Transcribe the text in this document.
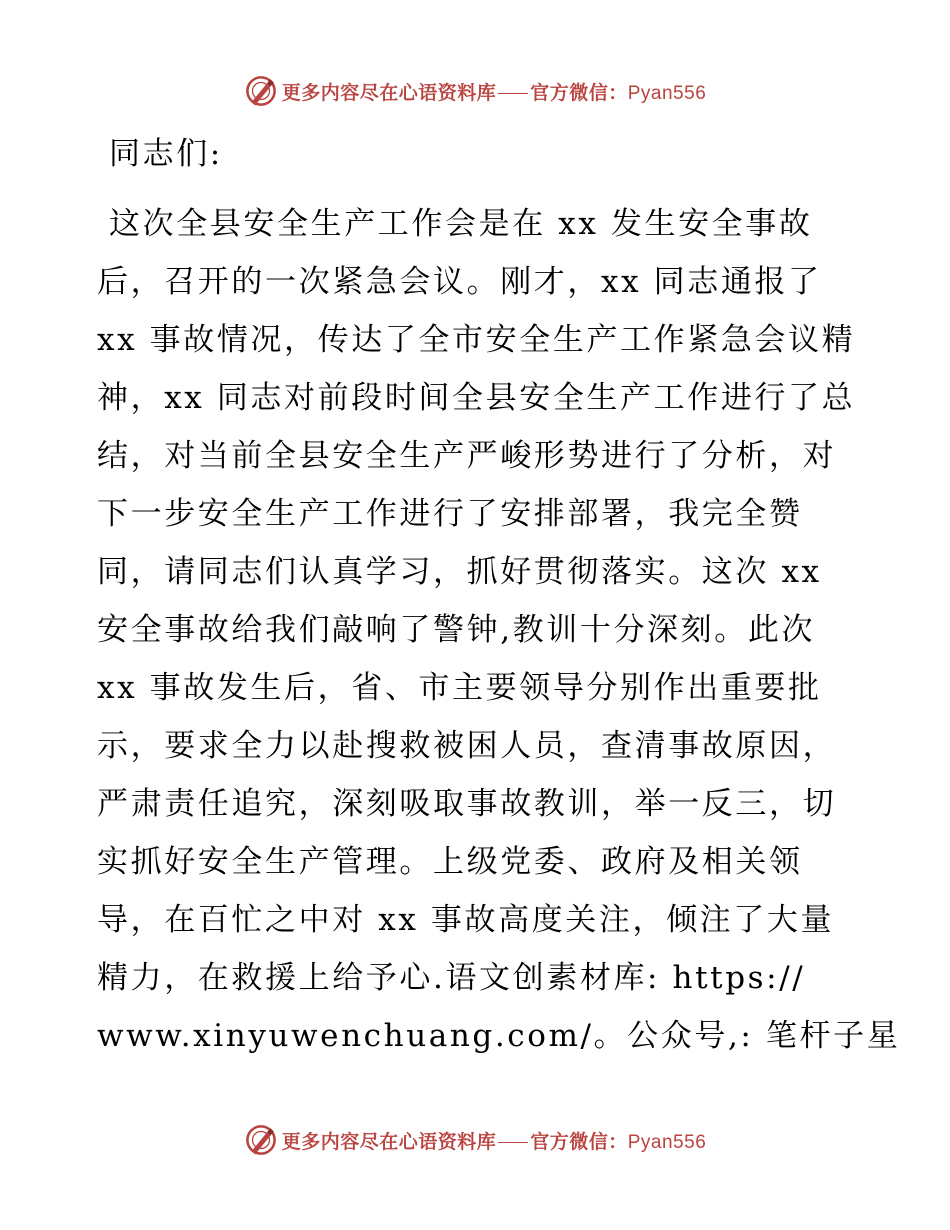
更多内容尽在心语资料库 官方微信：Pyan556
同志们:
这次全县安全生产工作会是在 xx 发生安全事故
后，召开的一次紧急会议。刚才，xx 同志通报了
xx 事故情况，传达了全市安全生产工作紧急会议精
神，xx 同志对前段时间全县安全生产工作进行了总
结，对当前全县安全生产严峻形势进行了分析，对
下一步安全生产工作进行了安排部署，我完全赞
同，请同志们认真学习，抓好贯彻落实。这次 xx
安全事故给我们敲响了警钟,教训十分深刻。此次
xx 事故发生后，省、市主要领导分别作出重要批
示，要求全力以赴搜救被困人员，查清事故原因，
严肃责任追究，深刻吸取事故教训，举一反三，切
实抓好安全生产管理。上级党委、政府及相关领
导，在百忙之中对 xx 事故高度关注，倾注了大量
精力，在救援上给予心.语文创素材库: https://
www.xinyuwenchuang.com/。公众号,: 笔杆子星
更多内容尽在心语资料库 官方微信：Pyan556
